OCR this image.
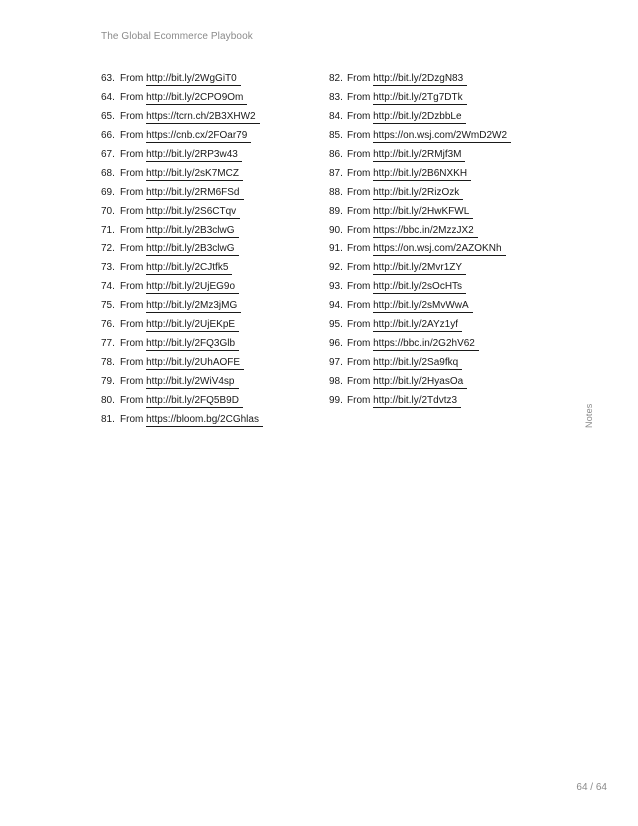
The Global Ecommerce Playbook
63. From http://bit.ly/2WgGiT0
64. From http://bit.ly/2CPO9Om
65. From https://tcrn.ch/2B3XHW2
66. From https://cnb.cx/2FOar79
67. From http://bit.ly/2RP3w43
68. From http://bit.ly/2sK7MCZ
69. From http://bit.ly/2RM6FSd
70. From http://bit.ly/2S6CTqv
71. From http://bit.ly/2B3clwG
72. From http://bit.ly/2B3clwG
73. From http://bit.ly/2CJtfk5
74. From http://bit.ly/2UjEG9o
75. From http://bit.ly/2Mz3jMG
76. From http://bit.ly/2UjEKpE
77. From http://bit.ly/2FQ3Glb
78. From http://bit.ly/2UhAOFE
79. From http://bit.ly/2WiV4sp
80. From http://bit.ly/2FQ5B9D
81. From https://bloom.bg/2CGhlas
82. From http://bit.ly/2DzgN83
83. From http://bit.ly/2Tg7DTk
84. From http://bit.ly/2DzbbLe
85. From https://on.wsj.com/2WmD2W2
86. From http://bit.ly/2RMjf3M
87. From http://bit.ly/2B6NXKH
88. From http://bit.ly/2RizOzk
89. From http://bit.ly/2HwKFWL
90. From https://bbc.in/2MzzJX2
91. From https://on.wsj.com/2AZOKNh
92. From http://bit.ly/2Mvr1ZY
93. From http://bit.ly/2sOcHTs
94. From http://bit.ly/2sMvWwA
95. From http://bit.ly/2AYz1yf
96. From https://bbc.in/2G2hV62
97. From http://bit.ly/2Sa9fkq
98. From http://bit.ly/2HyasOa
99. From http://bit.ly/2Tdvtz3
Notes
64 / 64
